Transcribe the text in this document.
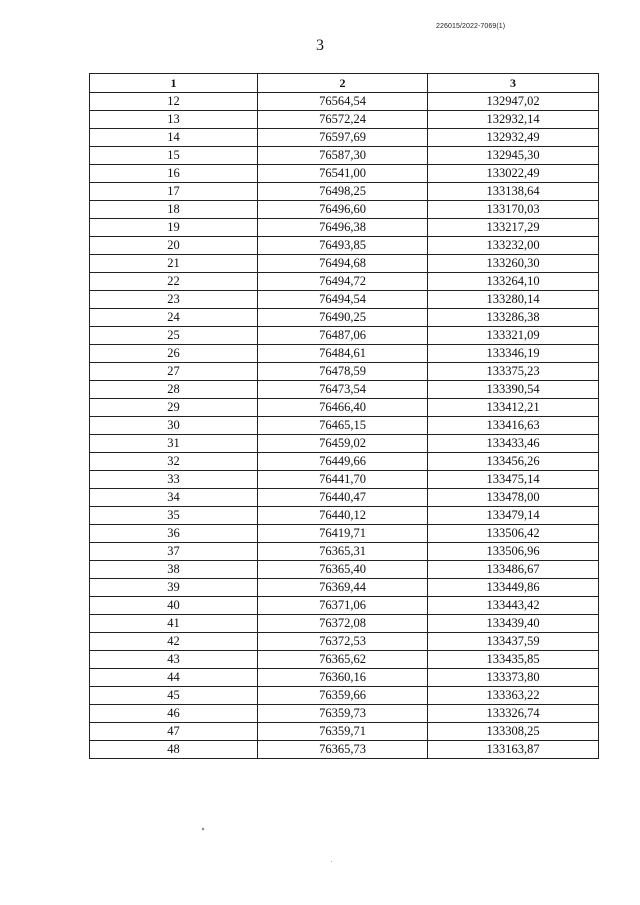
226015/2022-7069(1)
3
1	2	3
12	76564,54	132947,02
13	76572,24	132932,14
14	76597,69	132932,49
15	76587,30	132945,30
16	76541,00	133022,49
17	76498,25	133138,64
18	76496,60	133170,03
19	76496,38	133217,29
20	76493,85	133232,00
21	76494,68	133260,30
22	76494,72	133264,10
23	76494,54	133280,14
24	76490,25	133286,38
25	76487,06	133321,09
26	76484,61	133346,19
27	76478,59	133375,23
28	76473,54	133390,54
29	76466,40	133412,21
30	76465,15	133416,63
31	76459,02	133433,46
32	76449,66	133456,26
33	76441,70	133475,14
34	76440,47	133478,00
35	76440,12	133479,14
36	76419,71	133506,42
37	76365,31	133506,96
38	76365,40	133486,67
39	76369,44	133449,86
40	76371,06	133443,42
41	76372,08	133439,40
42	76372,53	133437,59
43	76365,62	133435,85
44	76360,16	133373,80
45	76359,66	133363,22
46	76359,73	133326,74
47	76359,71	133308,25
48	76365,73	133163,87
